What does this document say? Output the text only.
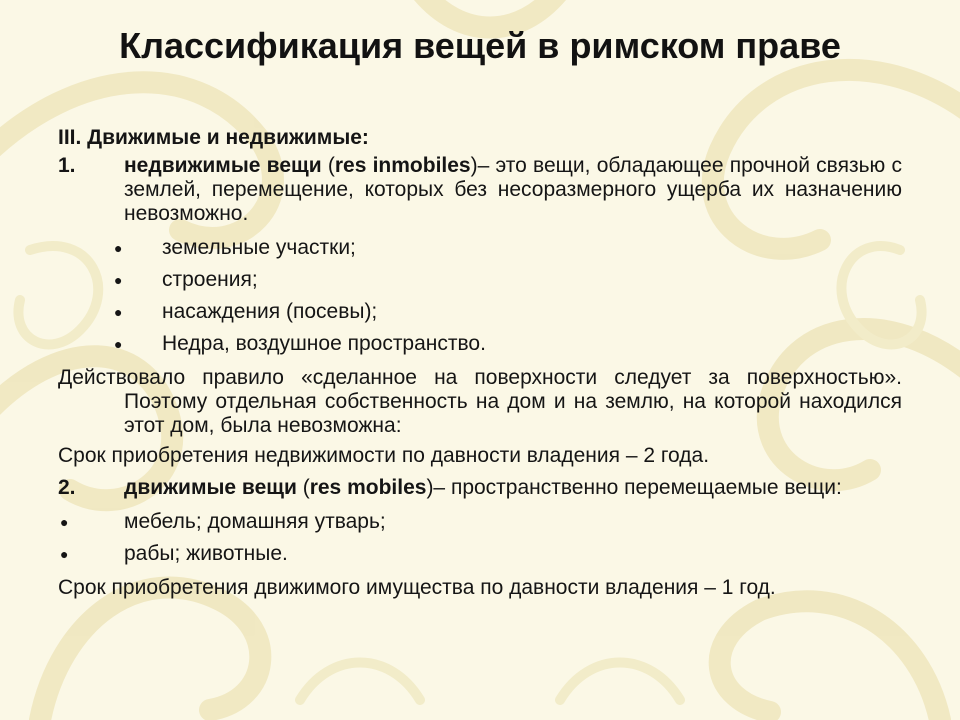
Классификация вещей в римском праве
III. Движимые и недвижимые:
1. недвижимые вещи (res inmobiles)– это вещи, обладающее прочной связью с землей, перемещение, которых без несоразмерного ущерба их назначению невозможно.
● земельные участки;
● строения;
● насаждения (посевы);
● Недра, воздушное пространство.
Действовало правило «сделанное на поверхности следует за поверхностью». Поэтому отдельная собственность на дом и на землю, на которой находился этот дом, была невозможна:
Срок приобретения недвижимости по давности владения – 2 года.
2. движимые вещи (res mobiles)– пространственно перемещаемые вещи:
●	мебель; домашняя утварь;
●	рабы; животные.
Срок приобретения движимого имущества по давности владения – 1 год.
